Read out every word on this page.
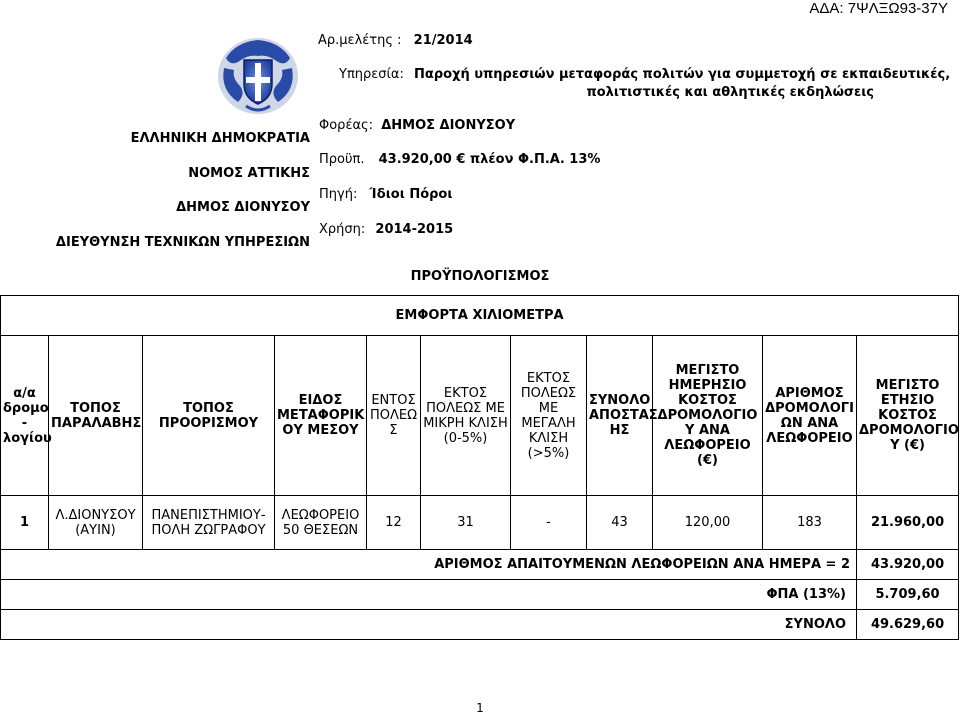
ΑΔΑ: 7ΨΛΞΩ93-37Υ
Αρ.μελέτης : 21/2014
Υπηρεσία: Παροχή υπηρεσιών μεταφοράς πολιτών για συμμετοχή σε εκπαιδευτικές,
πολιτιστικές και αθλητικές εκδηλώσεις
ΕΛΛΗΝΙΚΗ ΔΗΜΟΚΡΑΤΙΑ
ΝΟΜΟΣ ΑΤΤΙΚΗΣ
ΔΗΜΟΣ ΔΙΟΝΥΣΟΥ
ΔΙΕΥΘΥΝΣΗ ΤΕΧΝΙΚΩΝ ΥΠΗΡΕΣΙΩΝ
Φορέας: ΔΗΜΟΣ ΔΙΟΝΥΣΟΥ
Προϋπ. 43.920,00 € πλέον Φ.Π.Α. 13%
Πηγή: Ίδιοι Πόροι
Χρήση: 2014-2015
ΠΡΟΫΠΟΛΟΓΙΣΜΟΣ
ΕΜΦΟΡΤΑ ΧΙΛΙΟΜΕΤΡΑ										
α/α δρομο - λογίου	ΤΟΠΟΣ ΠΑΡΑΛΑΒΗΣ	ΤΟΠΟΣ ΠΡΟΟΡΙΣΜΟΥ	ΕΙΔΟΣ ΜΕΤΑΦΟΡΙΚ ΟΥ ΜΕΣΟΥ	ΕΝΤΟΣ ΠΟΛΕΩ Σ	ΕΚΤΟΣ ΠΟΛΕΩΣ ΜΕ ΜΙΚΡΗ ΚΛΙΣΗ (0-5%)	ΕΚΤΟΣ ΠΟΛΕΩΣ ΜΕ ΜΕΓΑΛΗ ΚΛΙΣΗ (>5%)	ΣΥΝΟΛΟ ΑΠΟΣΤΑΣ ΗΣ	ΜΕΓΙΣΤΟ ΗΜΕΡΗΣΙΟ ΚΟΣΤΟΣ ΔΡΟΜΟΛΟΓΙΟ Υ ΑΝΑ ΛΕΩΦΟΡΕΙΟ (€)	ΑΡΙΘΜΟΣ ΔΡΟΜΟΛΟΓΙ ΩΝ ΑΝΑ ΛΕΩΦΟΡΕΙΟ	ΜΕΓΙΣΤΟ ΕΤΗΣΙΟ ΚΟΣΤΟΣ ΔΡΟΜΟΛΟΓΙΟ Υ (€)
1	Λ.ΔΙΟΝΥΣΟΥ (ΑΥΙΝ)	ΠΑΝΕΠΙΣΤΗΜΙΟΥ-ΠΟΛΗ ΖΩΓΡΑΦΟΥ	ΛΕΩΦΟΡΕΙΟ 50 ΘΕΣΕΩΝ	12	31	-	43	120,00	183	21.960,00
ΑΡΙΘΜΟΣ ΑΠΑΙΤΟΥΜΕΝΩΝ ΛΕΩΦΟΡΕΙΩΝ ΑΝΑ ΗΜΕΡΑ = 2										43.920,00
ΦΠΑ (13%)										5.709,60
ΣΥΝΟΛΟ										49.629,60
1
